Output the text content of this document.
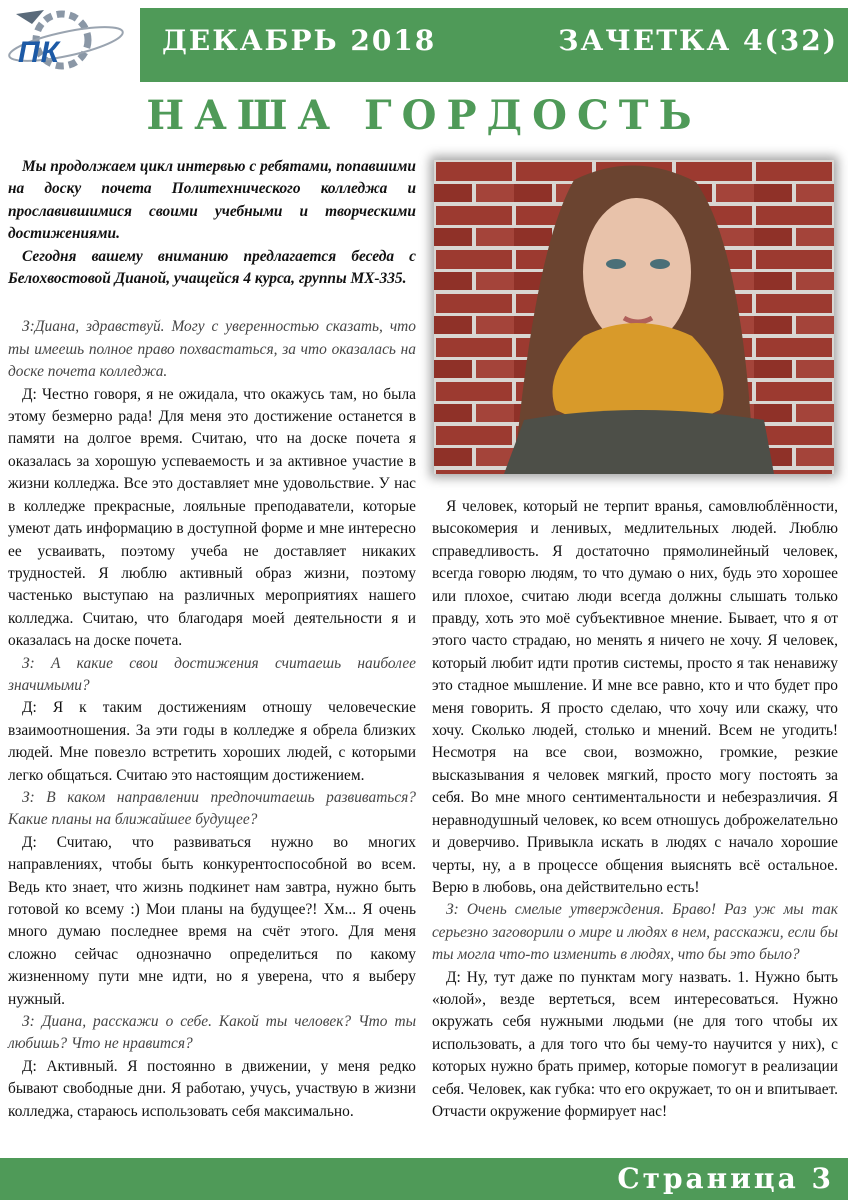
ПК	ДЕКАБРЬ 2018	ЗАЧЕТКА 4(32)
НАША ГОРДОСТЬ

Мы продолжаем цикл интервью с ребятами, попавшими на доску почета Политехнического колледжа и прославившимися своими учебными и творческими достижениями.

Сегодня вашему вниманию предлагается беседа с Белохвостовой Дианой, учащейся 4 курса, группы МХ-335.

З:Диана, здравствуй. Могу с уверенностью сказать, что ты имеешь полное право похвастаться, за что оказалась на доске почета колледжа.

Д: Честно говоря, я не ожидала, что окажусь там, но была этому безмерно рада! Для меня это достижение останется в памяти на долгое время. Считаю, что на доске почета я оказалась за хорошую успеваемость и за активное участие в жизни колледжа. Все это доставляет мне удовольствие. У нас в колледже прекрасные, лояльные преподаватели, которые умеют дать информацию в доступной форме и мне интересно ее усваивать, поэтому учеба не доставляет никаких трудностей. Я люблю активный образ жизни, поэтому частенько выступаю на различных мероприятиях нашего колледжа. Считаю, что благодаря моей деятельности я и оказалась на доске почета.

З: А какие свои достижения считаешь наиболее значимыми?

Д: Я к таким достижениям отношу человеческие взаимоотношения. За эти годы в колледже я обрела близких людей. Мне повезло встретить хороших людей, с которыми легко общаться. Считаю это настоящим достижением.

З: В каком направлении предпочитаешь развиваться? Какие планы на ближайшее будущее?

Д: Считаю, что развиваться нужно во многих направлениях, чтобы быть конкурентоспособной во всем. Ведь кто знает, что жизнь подкинет нам завтра, нужно быть готовой ко всему :) Мои планы на будущее?! Хм... Я очень много думаю последнее время на счёт этого. Для меня сложно сейчас однозначно определиться по какому жизненному пути мне идти, но я уверена, что я выберу нужный.

З: Диана, расскажи о себе. Какой ты человек? Что ты любишь? Что не нравится?

Д: Активный. Я постоянно в движении, у меня редко бывают свободные дни. Я работаю, учусь, участвую в жизни колледжа, стараюсь использовать себя максимально.

Я человек, который не терпит вранья, самовлюблённости, высокомерия и ленивых, медлительных людей. Люблю справедливость. Я достаточно прямолинейный человек, всегда говорю людям, то что думаю о них, будь это хорошее или плохое, считаю люди всегда должны слышать только правду, хоть это моё субъективное мнение. Бывает, что я от этого часто страдаю, но менять я ничего не хочу. Я человек, который любит идти против системы, просто я так ненавижу это стадное мышление. И мне все равно, кто и что будет про меня говорить. Я просто сделаю, что хочу или скажу, что хочу. Сколько людей, столько и мнений. Всем не угодить! Несмотря на все свои, возможно, громкие, резкие высказывания я человек мягкий, просто могу постоять за себя. Во мне много сентиментальности и небезразличия. Я неравнодушный человек, ко всем отношусь доброжелательно и доверчиво. Привыкла искать в людях с начало хорошие черты, ну, а в процессе общения выяснять всё остальное. Верю в любовь, она действительно есть!

З: Очень смелые утверждения. Браво! Раз уж мы так серьезно заговорили о мире и людях в нем, расскажи, если бы ты могла что-то изменить в людях, что бы это было?

Д: Ну, тут даже по пунктам могу назвать. 1. Нужно быть «юлой», везде вертеться, всем интересоваться. Нужно окружать себя нужными людьми (не для того чтобы их использовать, а для того что бы чему-то научится у них), с которых нужно брать пример, которые помогут в реализации себя. Человек, как губка: что его окружает, то он и впитывает. Отчасти окружение формирует нас!

Страница 3
